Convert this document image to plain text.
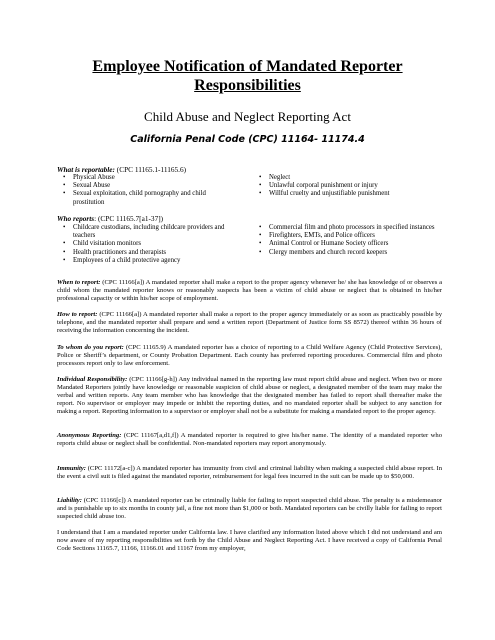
Employee Notification of Mandated Reporter
Responsibilities
Child Abuse and Neglect Reporting Act
California Penal Code (CPC) 11164- 11174.4
What is reportable: (CPC 11165.1-11165.6)
• Physical Abuse
• Sexual Abuse
• Sexual exploitation, child pornography and child prostitution
• Neglect
• Unlawful corporal punishment or injury
• Willful cruelty and unjustifiable punishment
Who reports: (CPC 11165.7[a1-37])
• Childcare custodians, including childcare providers and teachers
• Child visitation monitors
• Health practitioners and therapists
• Employees of a child protective agency
• Commercial film and photo processors in specified instances
• Firefighters, EMTs, and Police officers
• Animal Control or Humane Society officers
• Clergy members and church record keepers
When to report: (CPC 11166[a]) A mandated reporter shall make a report to the proper agency whenever he/ she has knowledge of or observes a child whom the mandated reporter knows or reasonably suspects has been a victim of child abuse or neglect that is obtained in his/her professional capacity or within his/her scope of employment.
How to report: (CPC 11166[a]) A mandated reporter shall make a report to the proper agency immediately or as soon as practicably possible by telephone, and the mandated reporter shall prepare and send a written report (Department of Justice form SS 8572) thereof within 36 hours of receiving the information concerning the incident.
To whom do you report: (CPC 11165.9) A mandated reporter has a choice of reporting to a Child Welfare Agency (Child Protective Services), Police or Sheriff’s department, or County Probation Department. Each county has preferred reporting procedures. Commercial film and photo processors report only to law enforcement.
Individual Responsibility: (CPC 11166[g-h]) Any individual named in the reporting law must report child abuse and neglect. When two or more Mandated Reporters jointly have knowledge or reasonable suspicion of child abuse or neglect, a designated member of the team may make the verbal and written reports. Any team member who has knowledge that the designated member has failed to report shall thereafter make the report. No supervisor or employer may impede or inhibit the reporting duties, and no mandated reporter shall be subject to any sanction for making a report. Reporting information to a supervisor or employer shall not be a substitute for making a mandated report to the proper agency.
Anonymous Reporting: (CPC 11167[a,d1,f]) A mandated reporter is required to give his/her name. The identity of a mandated reporter who reports child abuse or neglect shall be confidential. Non-mandated reporters may report anonymously.
Immunity: (CPC 11172[a-c]) A mandated reporter has immunity from civil and criminal liability when making a suspected child abuse report. In the event a civil suit is filed against the mandated reporter, reimbursement for legal fees incurred in the suit can be made up to $50,000.
Liability: (CPC 11166[c]) A mandated reporter can be criminally liable for failing to report suspected child abuse. The penalty is a misdemeanor and is punishable up to six months in county jail, a fine not more than $1,000 or both. Mandated reporters can be civilly liable for failing to report suspected child abuse too.
I understand that I am a mandated reporter under California law. I have clarified any information listed above which I did not understand and am now aware of my reporting responsibilities set forth by the Child Abuse and Neglect Reporting Act. I have received a copy of California Penal Code Sections 11165.7, 11166, 11166.01 and 11167 from my employer,
